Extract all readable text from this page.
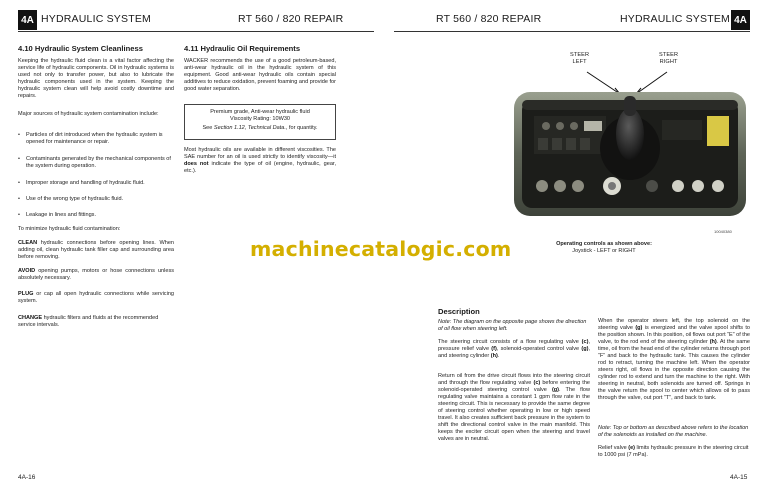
4A HYDRAULIC SYSTEM	RT 560 / 820 REPAIR
4.10 Hydraulic System Cleanliness
Keeping the hydraulic fluid clean is a vital factor affecting the service life of hydraulic components. Oil in hydraulic systems is used not only to transfer power, but also to lubricate the hydraulic components used in the system. Keeping the hydraulic system clean will help avoid costly downtime and repairs.
Major sources of hydraulic system contamination include:
• Particles of dirt introduced when the hydraulic system is opened for maintenance or repair.
• Contaminants generated by the mechanical components of the system during operation.
• Improper storage and handling of hydraulic fluid.
• Use of the wrong type of hydraulic fluid.
• Leakage in lines and fittings.
To minimize hydraulic fluid contamination:
CLEAN hydraulic connections before opening lines. When adding oil, clean hydraulic tank filler cap and surrounding area before removing.
AVOID opening pumps, motors or hose connections unless absolutely necessary.
PLUG or cap all open hydraulic connections while servicing system.
CHANGE hydraulic filters and fluids at the recommended service intervals.
4.11 Hydraulic Oil Requirements
WACKER recommends the use of a good petroleum-based, anti-wear hydraulic oil in the hydraulic system of this equipment. Good anti-wear hydraulic oils contain special additives to reduce oxidation, prevent foaming and provide for good water separation.
Premium grade, Anti-wear hydraulic fluid
Viscosity Rating: 10W30
See Section 1.12, Technical Data., for quantity.
Most hydraulic oils are available in different viscosities. The SAE number for an oil is used strictly to identify viscosity—it does not indicate the type of oil (engine, hydraulic, gear, etc.).
4A-16
machinecatalogic.com
RT 560 / 820 REPAIR	HYDRAULIC SYSTEM 4A
STEER
LEFT
STEER
RIGHT
10040380
Operating controls as shown above:
Joystick - LEFT or RIGHT
Description
Note: The diagram on the opposite page shows the direction of oil flow when steering left.
The steering circuit consists of a flow regulating valve (c), pressure relief valve (f), solenoid-operated control valve (g), and steering cylinder (h).
Return oil from the drive circuit flows into the steering circuit and through the flow regulating valve (c) before entering the solenoid-operated steering control valve (g). The flow regulating valve maintains a constant 1 gpm flow rate in the steering circuit. This is necessary to provide the same degree of steering control whether operating in low or high speed travel. It also creates sufficient back pressure in the system to shift the directional control valve in the main manifold. This keeps the exciter circuit open when the steering and travel valves are in neutral.
When the operator steers left, the top solenoid on the steering valve (g) is energized and the valve spool shifts to the position shown. In this position, oil flows out port “E” of the valve, to the rod end of the steering cylinder (h). At the same time, oil from the head end of the cylinder returns through port “F” and back to the hydraulic tank. This causes the cylinder rod to retract, turning the machine left. When the operator steers right, oil flows in the opposite direction causing the cylinder rod to extend and turn the machine to the right. With steering in neutral, both solenoids are turned off. Springs in the valve return the spool to center which allows oil to pass through the valve, out port “T”, and back to tank.
Note: Top or bottom as described above refers to the location of the solenoids as installed on the machine.
Relief valve (e) limits hydraulic pressure in the steering circuit to 1000 psi (7 mPa).
4A-15
